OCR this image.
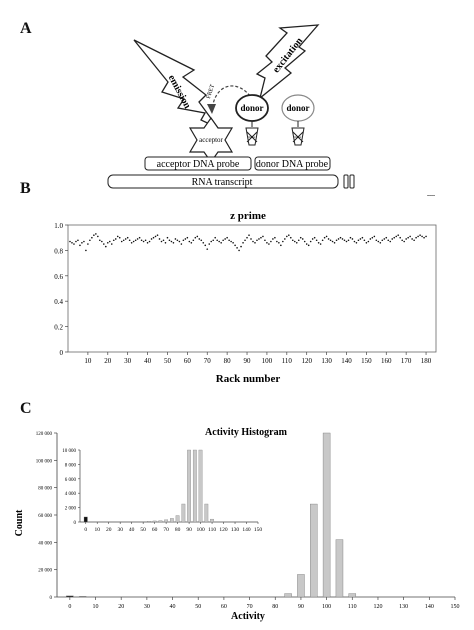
A
B
C
emission
excitation
FRET
acceptor
donor
linker
donor
linker
acceptor DNA probe donor DNA probe
RNA transcript
z prime
Rack number
0
0.2
0.4
0.6
0.8
1.0
10 20 30 40 50 60 70 80 90 100 110 120 130 140 150 160 170 180
Activity Histogram
Activity
Count
0
20 000
40 000
60 000
80 000
100 000
120 000
0	10	20	30	40	50	60	70	80	90	100	110	120	130	140	150
0
2 000
4 000
6 000
8 000
10 000
0 10 20 30 40 50 60 70 80 90 100 110 120 130 140 150
